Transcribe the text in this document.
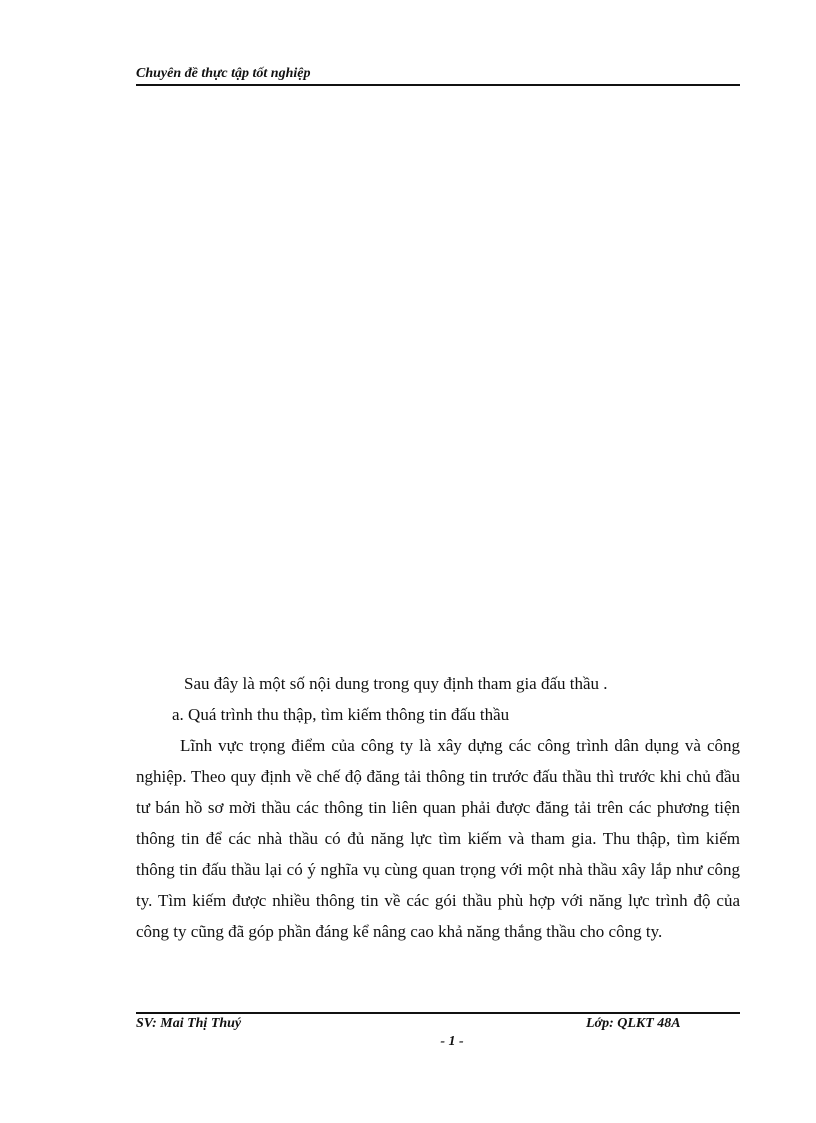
Chuyên đề thực tập tốt nghiệp

Sau đây là một số nội dung trong quy định tham gia đấu thầu .

a. Quá trình thu thập, tìm kiếm thông tin đấu thầu

Lĩnh vực trọng điểm của công ty là xây dựng các công trình dân dụng và công nghiệp. Theo quy định về chế độ đăng tải thông tin trước đấu thầu thì trước khi chủ đầu tư bán hồ sơ mời thầu các thông tin liên quan phải được đăng tải trên các phương tiện thông tin để các nhà thầu có đủ năng lực tìm kiếm và tham gia. Thu thập, tìm kiếm thông tin đấu thầu lại có ý nghĩa vụ cùng quan trọng với một nhà thầu xây lắp như công ty. Tìm kiếm được nhiều thông tin về các gói thầu phù hợp với năng lực trình độ của công ty cũng đã góp phần đáng kể nâng cao khả năng thắng thầu cho công ty.

SV: Mai Thị Thuý	Lớp: QLKT 48A
- 1 -
